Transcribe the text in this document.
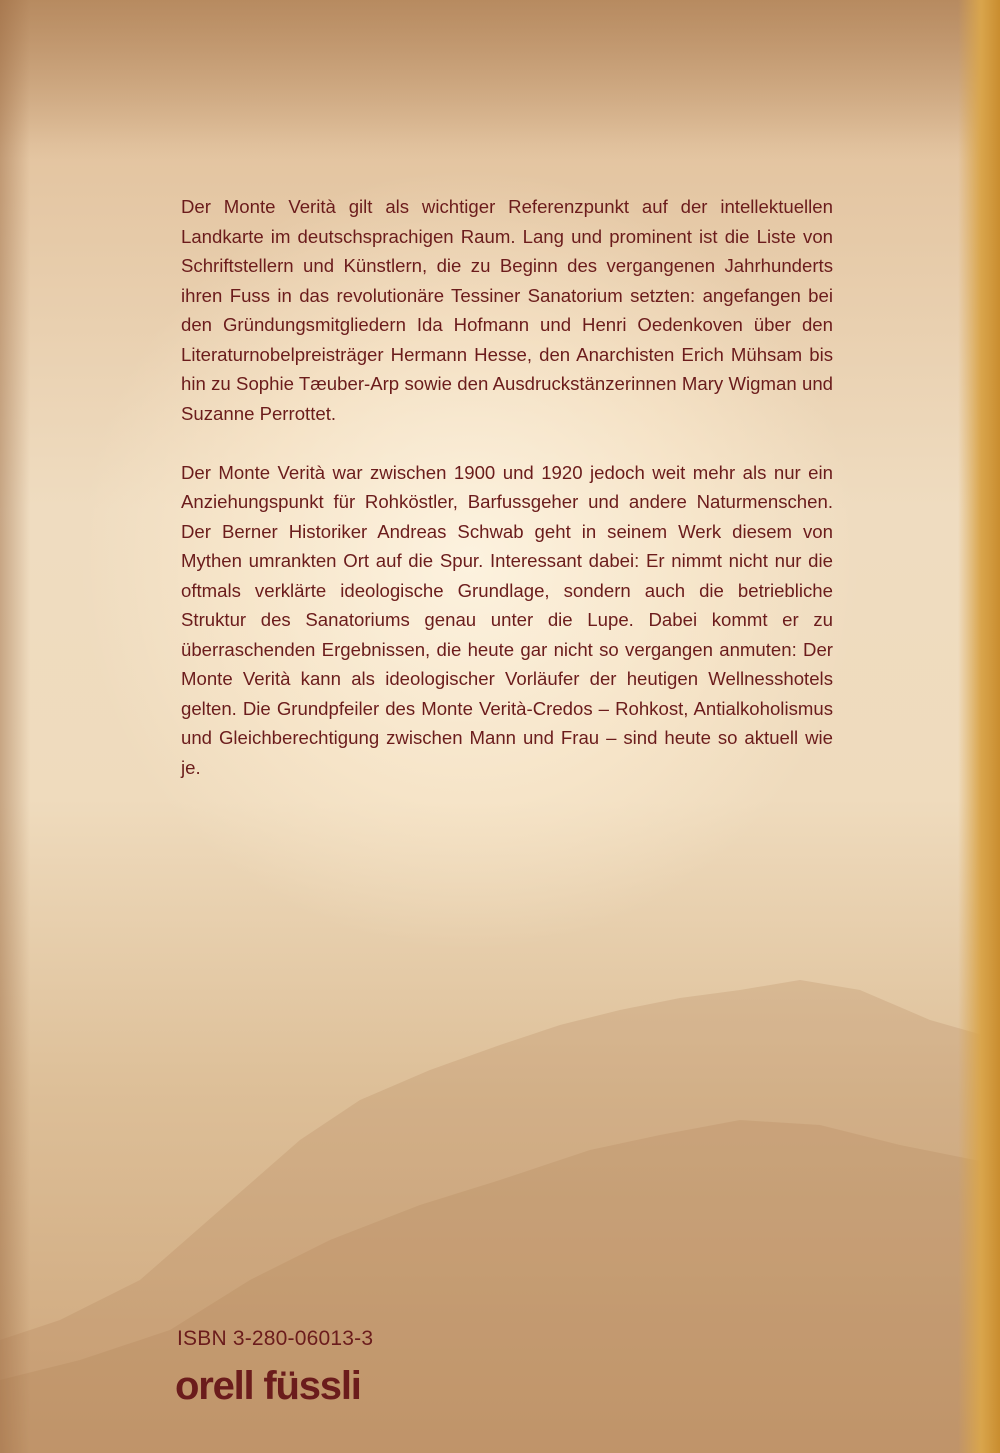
Der Monte Verità gilt als wichtiger Referenzpunkt auf der intellektuellen Landkarte im deutschsprachigen Raum. Lang und prominent ist die Liste von Schriftstellern und Künstlern, die zu Beginn des vergangenen Jahrhunderts ihren Fuss in das revolutionäre Tessiner Sanatorium setzten: angefangen bei den Gründungsmitgliedern Ida Hofmann und Henri Oedenkoven über den Literaturnobelpreisträger Hermann Hesse, den Anarchisten Erich Mühsam bis hin zu Sophie Tæuber-Arp sowie den Ausdruckstänzerinnen Mary Wigman und Suzanne Perrottet.

Der Monte Verità war zwischen 1900 und 1920 jedoch weit mehr als nur ein Anziehungspunkt für Rohköstler, Barfussgeher und andere Naturmenschen. Der Berner Historiker Andreas Schwab geht in seinem Werk diesem von Mythen umrankten Ort auf die Spur. Interessant dabei: Er nimmt nicht nur die oftmals verklärte ideologische Grundlage, sondern auch die betriebliche Struktur des Sanatoriums genau unter die Lupe. Dabei kommt er zu überraschenden Ergebnissen, die heute gar nicht so vergangen anmuten: Der Monte Verità kann als ideologischer Vorläufer der heutigen Wellnesshotels gelten. Die Grundpfeiler des Monte Verità-Credos – Rohkost, Antialkoholismus und Gleichberechtigung zwischen Mann und Frau – sind heute so aktuell wie je.

ISBN 3-280-06013-3
orell füssli
